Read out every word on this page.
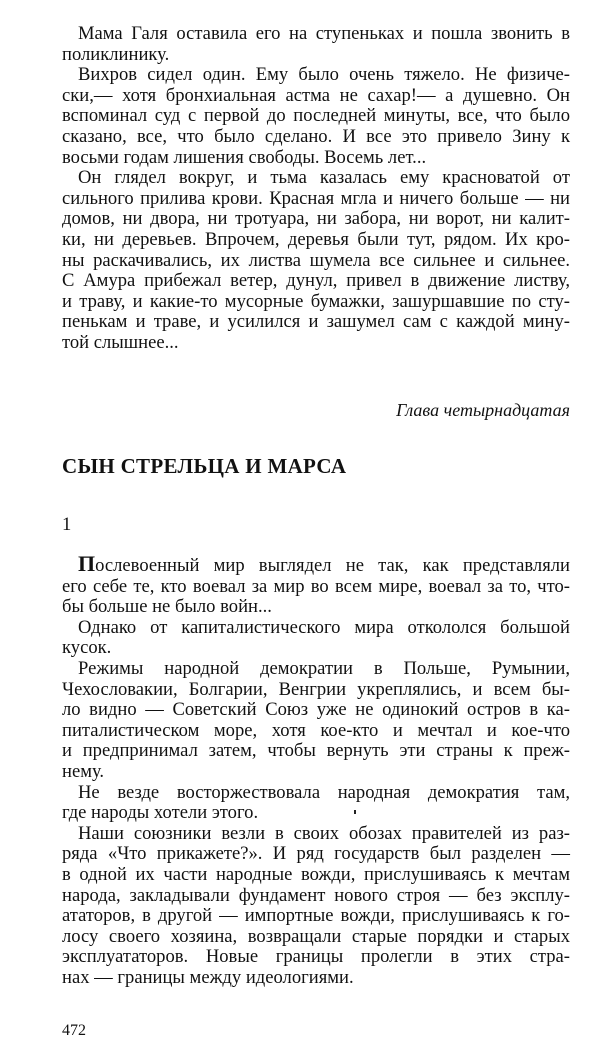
Мама Галя оставила его на ступеньках и пошла звонить в
поликлинику.

Вихров сидел один. Ему было очень тяжело. Не физиче-
ски,— хотя бронхиальная астма не сахар!— а душевно. Он
вспоминал суд с первой до последней минуты, все, что было
сказано, все, что было сделано. И все это привело Зину к
восьми годам лишения свободы. Восемь лет...

Он глядел вокруг, и тьма казалась ему красноватой от
сильного прилива крови. Красная мгла и ничего больше — ни
домов, ни двора, ни тротуара, ни забора, ни ворот, ни калит-
ки, ни деревьев. Впрочем, деревья были тут, рядом. Их кро-
ны раскачивались, их листва шумела все сильнее и сильнее.
С Амура прибежал ветер, дунул, привел в движение листву,
и траву, и какие-то мусорные бумажки, зашуршавшие по сту-
пенькам и траве, и усилился и зашумел сам с каждой мину-
той слышнее...

Глава четырнадцатая

СЫН СТРЕЛЬЦА И МАРСА

1

Послевоенный мир выглядел не так, как представляли
его себе те, кто воевал за мир во всем мире, воевал за то, что-
бы больше не было войн...

Однако от капиталистического мира откололся большой
кусок.

Режимы народной демократии в Польше, Румынии,
Чехословакии, Болгарии, Венгрии укреплялись, и всем бы-
ло видно — Советский Союз уже не одинокий остров в ка-
питалистическом море, хотя кое-кто и мечтал и кое-что
и предпринимал затем, чтобы вернуть эти страны к преж-
нему.

Не везде восторжествовала народная демократия там,
где народы хотели этого.

Наши союзники везли в своих обозах правителей из раз-
ряда «Что прикажете?». И ряд государств был разделен —
в одной их части народные вожди, прислушиваясь к мечтам
народа, закладывали фундамент нового строя — без эксплу-
ататоров, в другой — импортные вожди, прислушиваясь к го-
лосу своего хозяина, возвращали старые порядки и старых
эксплуататоров. Новые границы пролегли в этих стра-
нах — границы между идеологиями.

472
